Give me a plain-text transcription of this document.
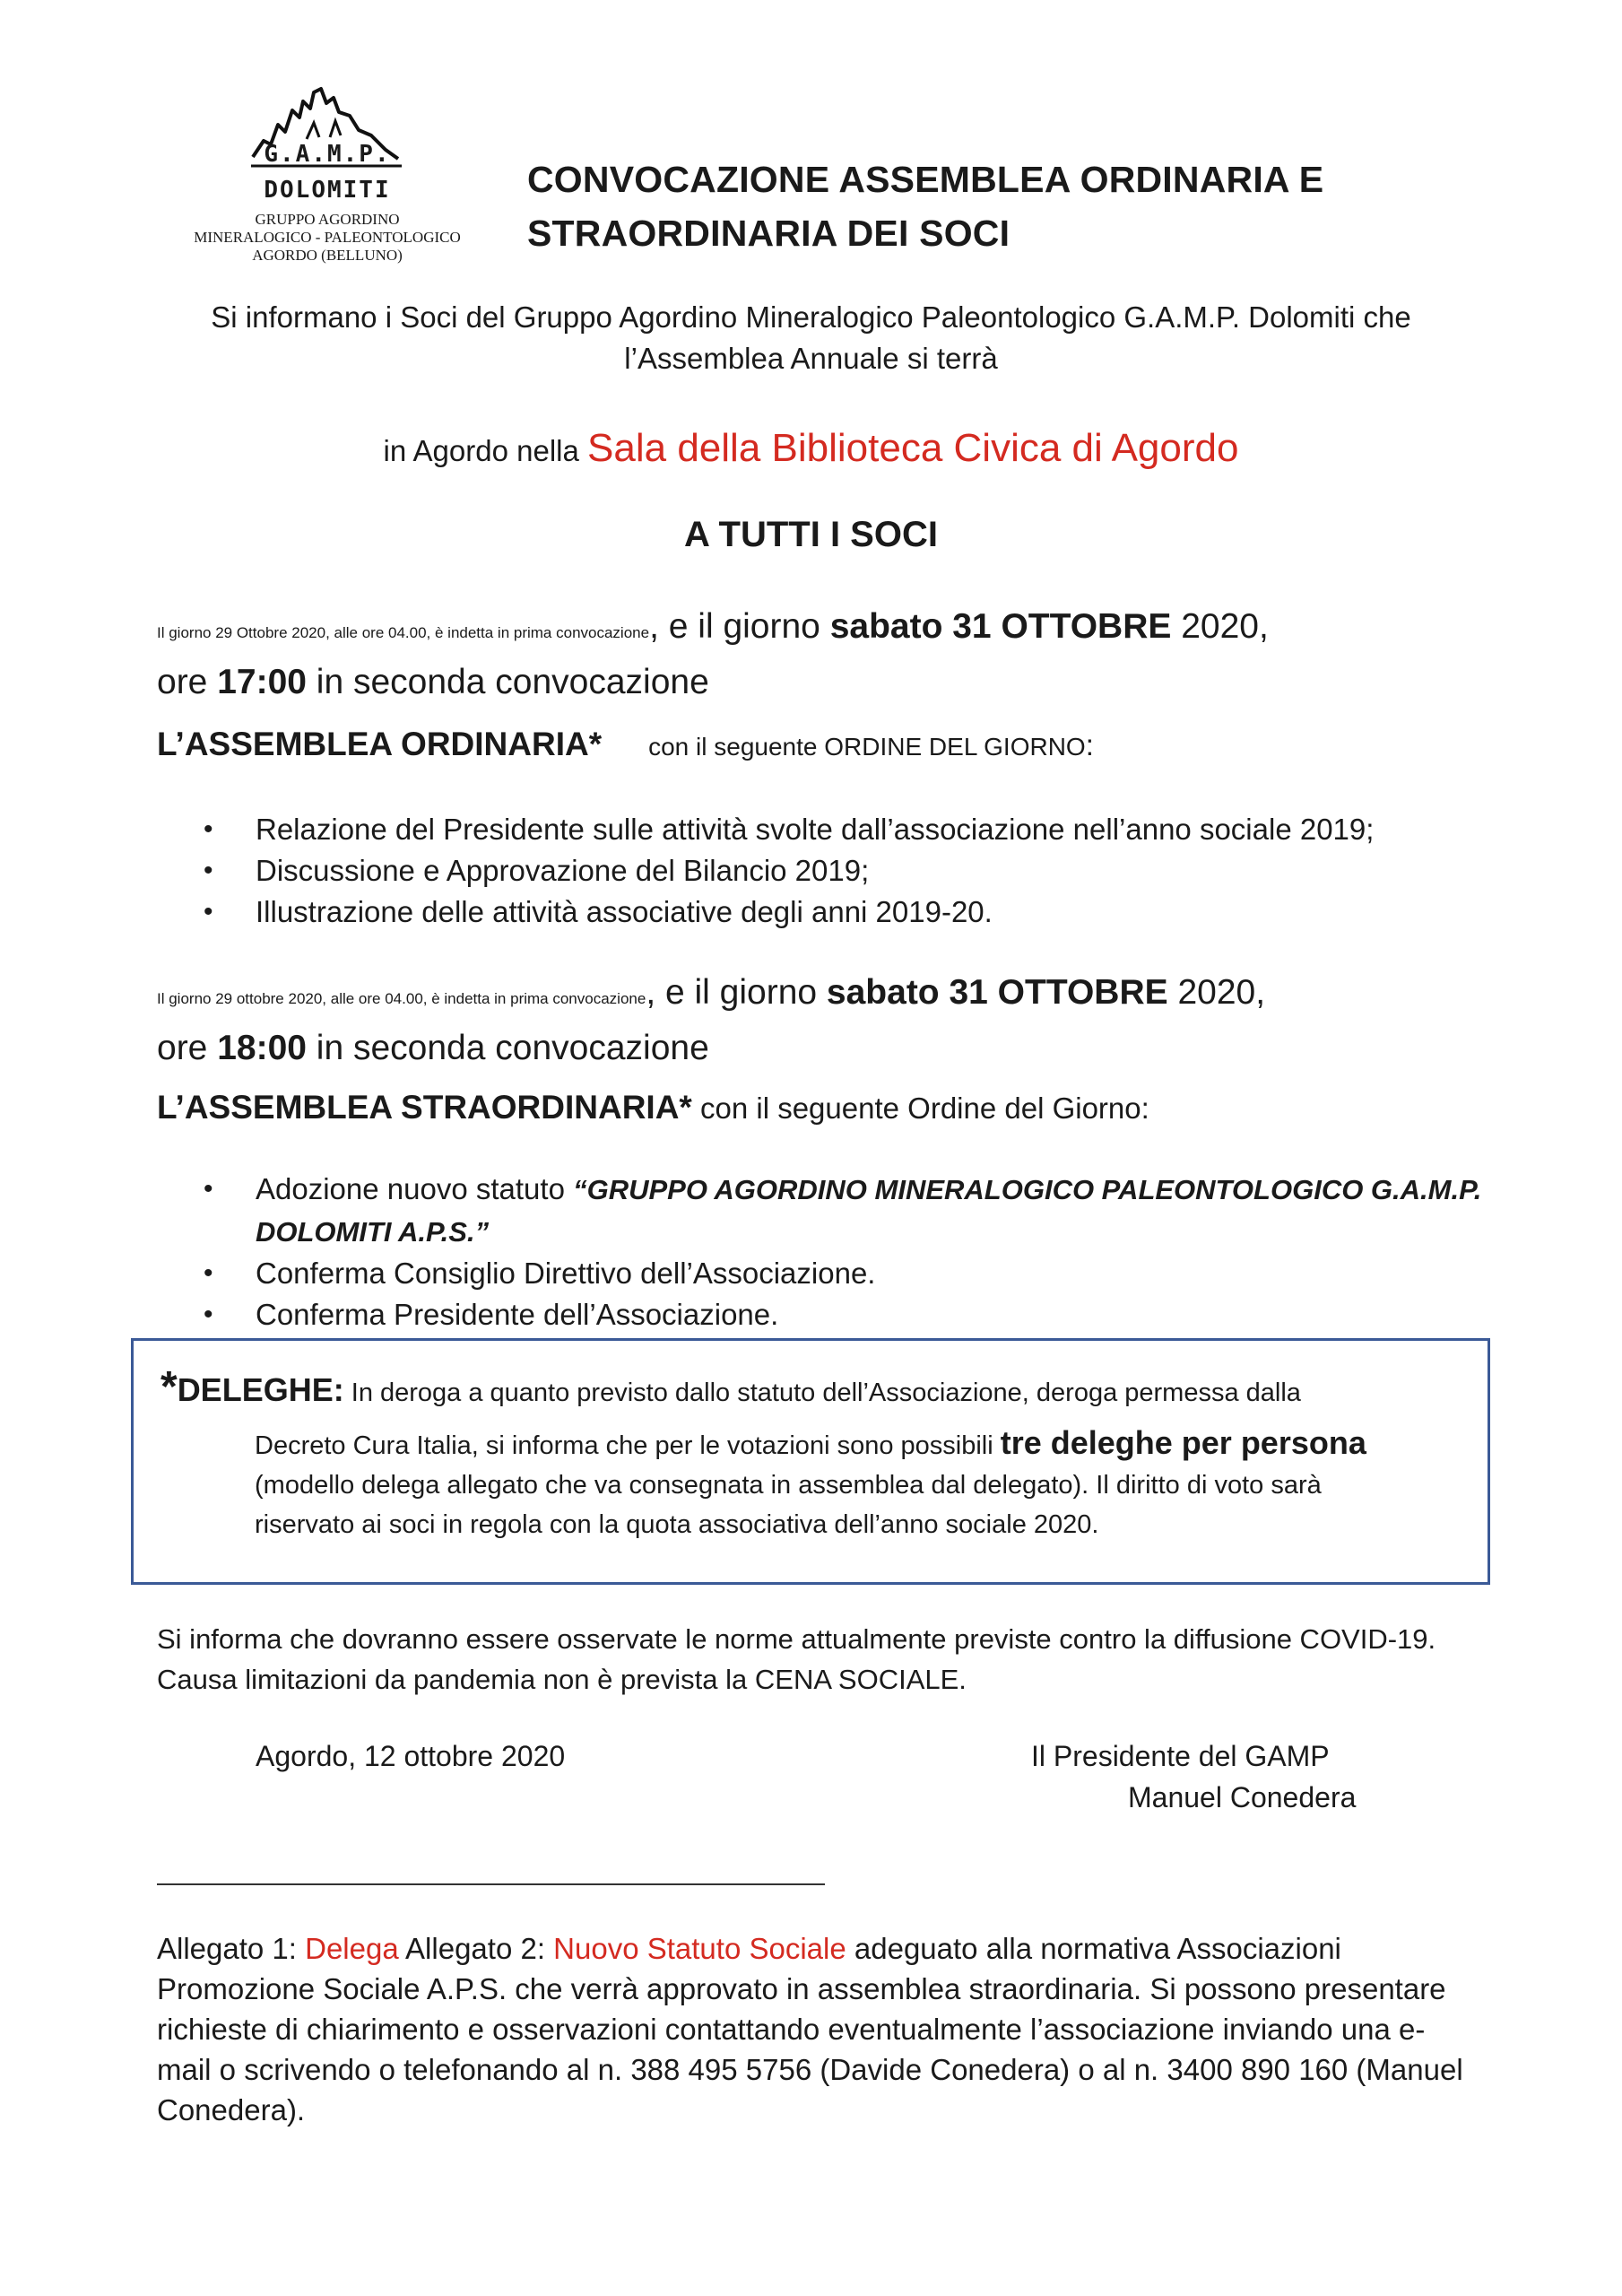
G.A.M.P.
DOLOMITI
GRUPPO AGORDINO
MINERALOGICO - PALEONTOLOGICO
AGORDO (BELLUNO)
CONVOCAZIONE ASSEMBLEA ORDINARIA E
STRAORDINARIA DEI SOCI
Si informano i Soci del Gruppo Agordino Mineralogico Paleontologico G.A.M.P. Dolomiti che
l’Assemblea Annuale si terrà
in Agordo nella Sala della Biblioteca Civica di Agordo
A TUTTI I SOCI
Il giorno 29 Ottobre 2020, alle ore 04.00, è indetta in prima convocazione, e il giorno sabato 31 OTTOBRE 2020,
ore 17:00 in seconda convocazione
L’ASSEMBLEA ORDINARIA* con il seguente ORDINE DEL GIORNO:
• Relazione del Presidente sulle attività svolte dall’associazione nell’anno sociale 2019;
• Discussione e Approvazione del Bilancio 2019;
• Illustrazione delle attività associative degli anni 2019-20.
Il giorno 29 ottobre 2020, alle ore 04.00, è indetta in prima convocazione, e il giorno sabato 31 OTTOBRE 2020,
ore 18:00 in seconda convocazione
L’ASSEMBLEA STRAORDINARIA* con il seguente Ordine del Giorno:
• Adozione nuovo statuto “GRUPPO AGORDINO MINERALOGICO PALEONTOLOGICO G.A.M.P.
DOLOMITI A.P.S.”
• Conferma Consiglio Direttivo dell’Associazione.
• Conferma Presidente dell’Associazione.
*DELEGHE: In deroga a quanto previsto dallo statuto dell’Associazione, deroga permessa dalla
Decreto Cura Italia, si informa che per le votazioni sono possibili tre deleghe per persona
(modello delega allegato che va consegnata in assemblea dal delegato). Il diritto di voto sarà
riservato ai soci in regola con la quota associativa dell’anno sociale 2020.
Si informa che dovranno essere osservate le norme attualmente previste contro la diffusione COVID-19.
Causa limitazioni da pandemia non è prevista la CENA SOCIALE.
Agordo, 12 ottobre 2020	Il Presidente del GAMP
Manuel Conedera
Allegato 1: Delega Allegato 2: Nuovo Statuto Sociale adeguato alla normativa Associazioni
Promozione Sociale A.P.S. che verrà approvato in assemblea straordinaria. Si possono presentare
richieste di chiarimento e osservazioni contattando eventualmente l’associazione inviando una e-
mail o scrivendo o telefonando al n. 388 495 5756 (Davide Conedera) o al n. 3400 890 160 (Manuel
Conedera).
